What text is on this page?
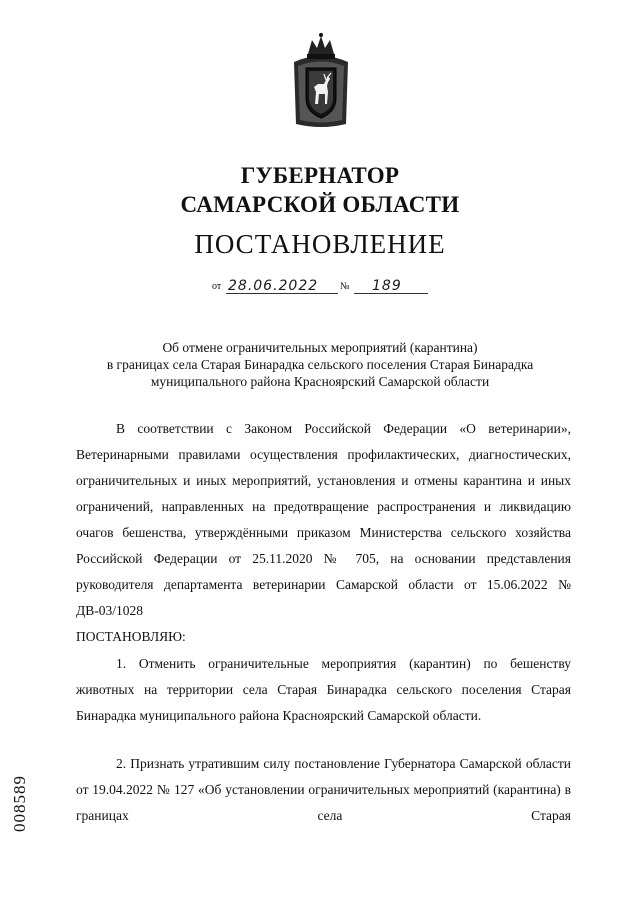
ГУБЕРНАТОР
САМАРСКОЙ ОБЛАСТИ
ПОСТАНОВЛЕНИЕ
от 28.06.2022 № 189
Об отмене ограничительных мероприятий (карантина)
в границах села Старая Бинарадка сельского поселения Старая Бинарадка
муниципального района Красноярский Самарской области

В соответствии с Законом Российской Федерации «О ветеринарии», Ветеринарными правилами осуществления профилактических, диагностических, ограничительных и иных мероприятий, установления и отмены карантина и иных ограничений, направленных на предотвращение распространения и ликвидацию очагов бешенства, утверждёнными приказом Министерства сельского хозяйства Российской Федерации от 25.11.2020 № 705, на основании представления руководителя департамента ветеринарии Самарской области от 15.06.2022 № ДВ-03/1028

ПОСТАНОВЛЯЮ:

1. Отменить ограничительные мероприятия (карантин) по бешенству животных на территории села Старая Бинарадка сельского поселения Старая Бинарадка муниципального района Красноярский Самарской области.

2. Признать утратившим силу постановление Губернатора Самарской области от 19.04.2022 № 127 «Об установлении ограничительных мероприятий (карантина) в границах села Старая

008589
